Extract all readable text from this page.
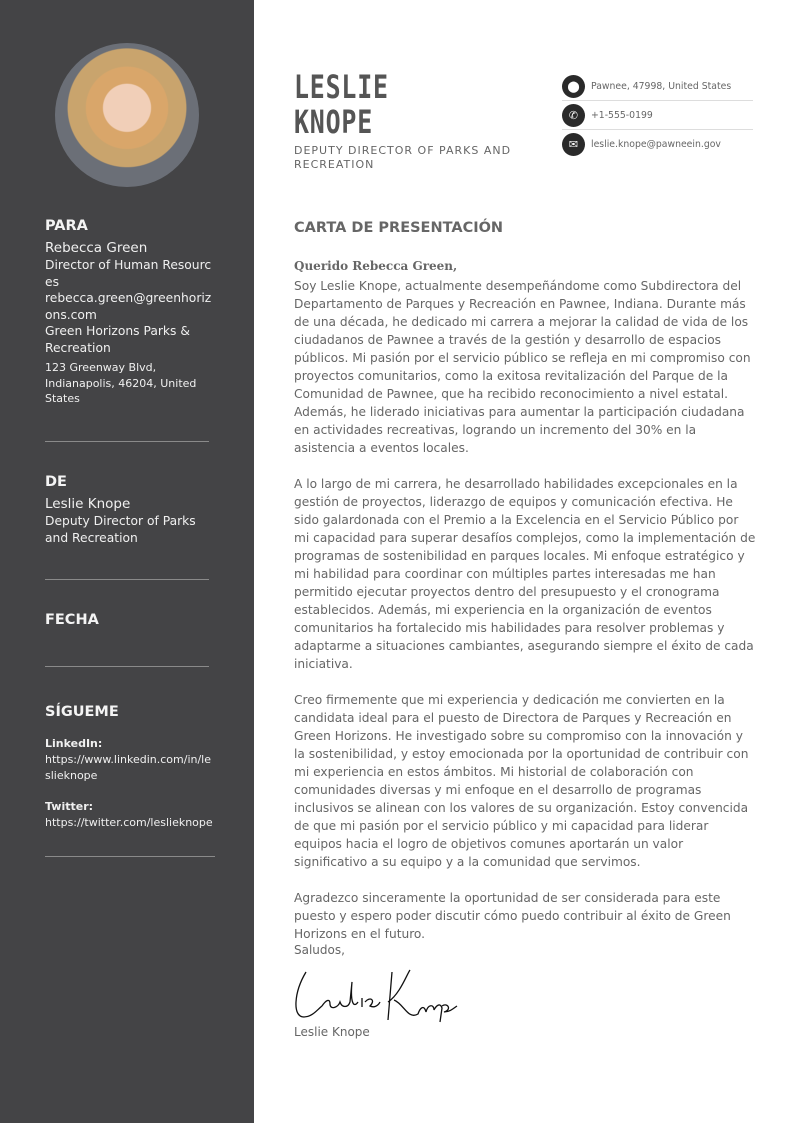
PARA
Rebecca Green
Director of Human Resources
rebecca.green@greenhorizons.com
Green Horizons Parks & Recreation
123 Greenway Blvd, Indianapolis, 46204, United States
DE
Leslie Knope
Deputy Director of Parks and Recreation
FECHA
SÍGUEME
LinkedIn:
https://www.linkedin.com/in/leslieknope
Twitter:
https://twitter.com/leslieknope
LESLIE
KNOPE
DEPUTY DIRECTOR OF PARKS AND RECREATION
⬤	Pawnee, 47998, United States
✆	+1-555-0199
✉	leslie.knope@pawneein.gov
CARTA DE PRESENTACIÓN
Querido Rebecca Green,

Soy Leslie Knope, actualmente desempeñándome como Subdirectora del Departamento de Parques y Recreación en Pawnee, Indiana. Durante más de una década, he dedicado mi carrera a mejorar la calidad de vida de los ciudadanos de Pawnee a través de la gestión y desarrollo de espacios públicos. Mi pasión por el servicio público se refleja en mi compromiso con proyectos comunitarios, como la exitosa revitalización del Parque de la Comunidad de Pawnee, que ha recibido reconocimiento a nivel estatal. Además, he liderado iniciativas para aumentar la participación ciudadana en actividades recreativas, logrando un incremento del 30% en la asistencia a eventos locales.

A lo largo de mi carrera, he desarrollado habilidades excepcionales en la gestión de proyectos, liderazgo de equipos y comunicación efectiva. He sido galardonada con el Premio a la Excelencia en el Servicio Público por mi capacidad para superar desafíos complejos, como la implementación de programas de sostenibilidad en parques locales. Mi enfoque estratégico y mi habilidad para coordinar con múltiples partes interesadas me han permitido ejecutar proyectos dentro del presupuesto y el cronograma establecidos. Además, mi experiencia en la organización de eventos comunitarios ha fortalecido mis habilidades para resolver problemas y adaptarme a situaciones cambiantes, asegurando siempre el éxito de cada iniciativa.

Creo firmemente que mi experiencia y dedicación me convierten en la candidata ideal para el puesto de Directora de Parques y Recreación en Green Horizons. He investigado sobre su compromiso con la innovación y la sostenibilidad, y estoy emocionada por la oportunidad de contribuir con mi experiencia en estos ámbitos. Mi historial de colaboración con comunidades diversas y mi enfoque en el desarrollo de programas inclusivos se alinean con los valores de su organización. Estoy convencida de que mi pasión por el servicio público y mi capacidad para liderar equipos hacia el logro de objetivos comunes aportarán un valor significativo a su equipo y a la comunidad que servimos.

Agradezco sinceramente la oportunidad de ser considerada para este puesto y espero poder discutir cómo puedo contribuir al éxito de Green Horizons en el futuro.

Saludos,
Leslie Knope
